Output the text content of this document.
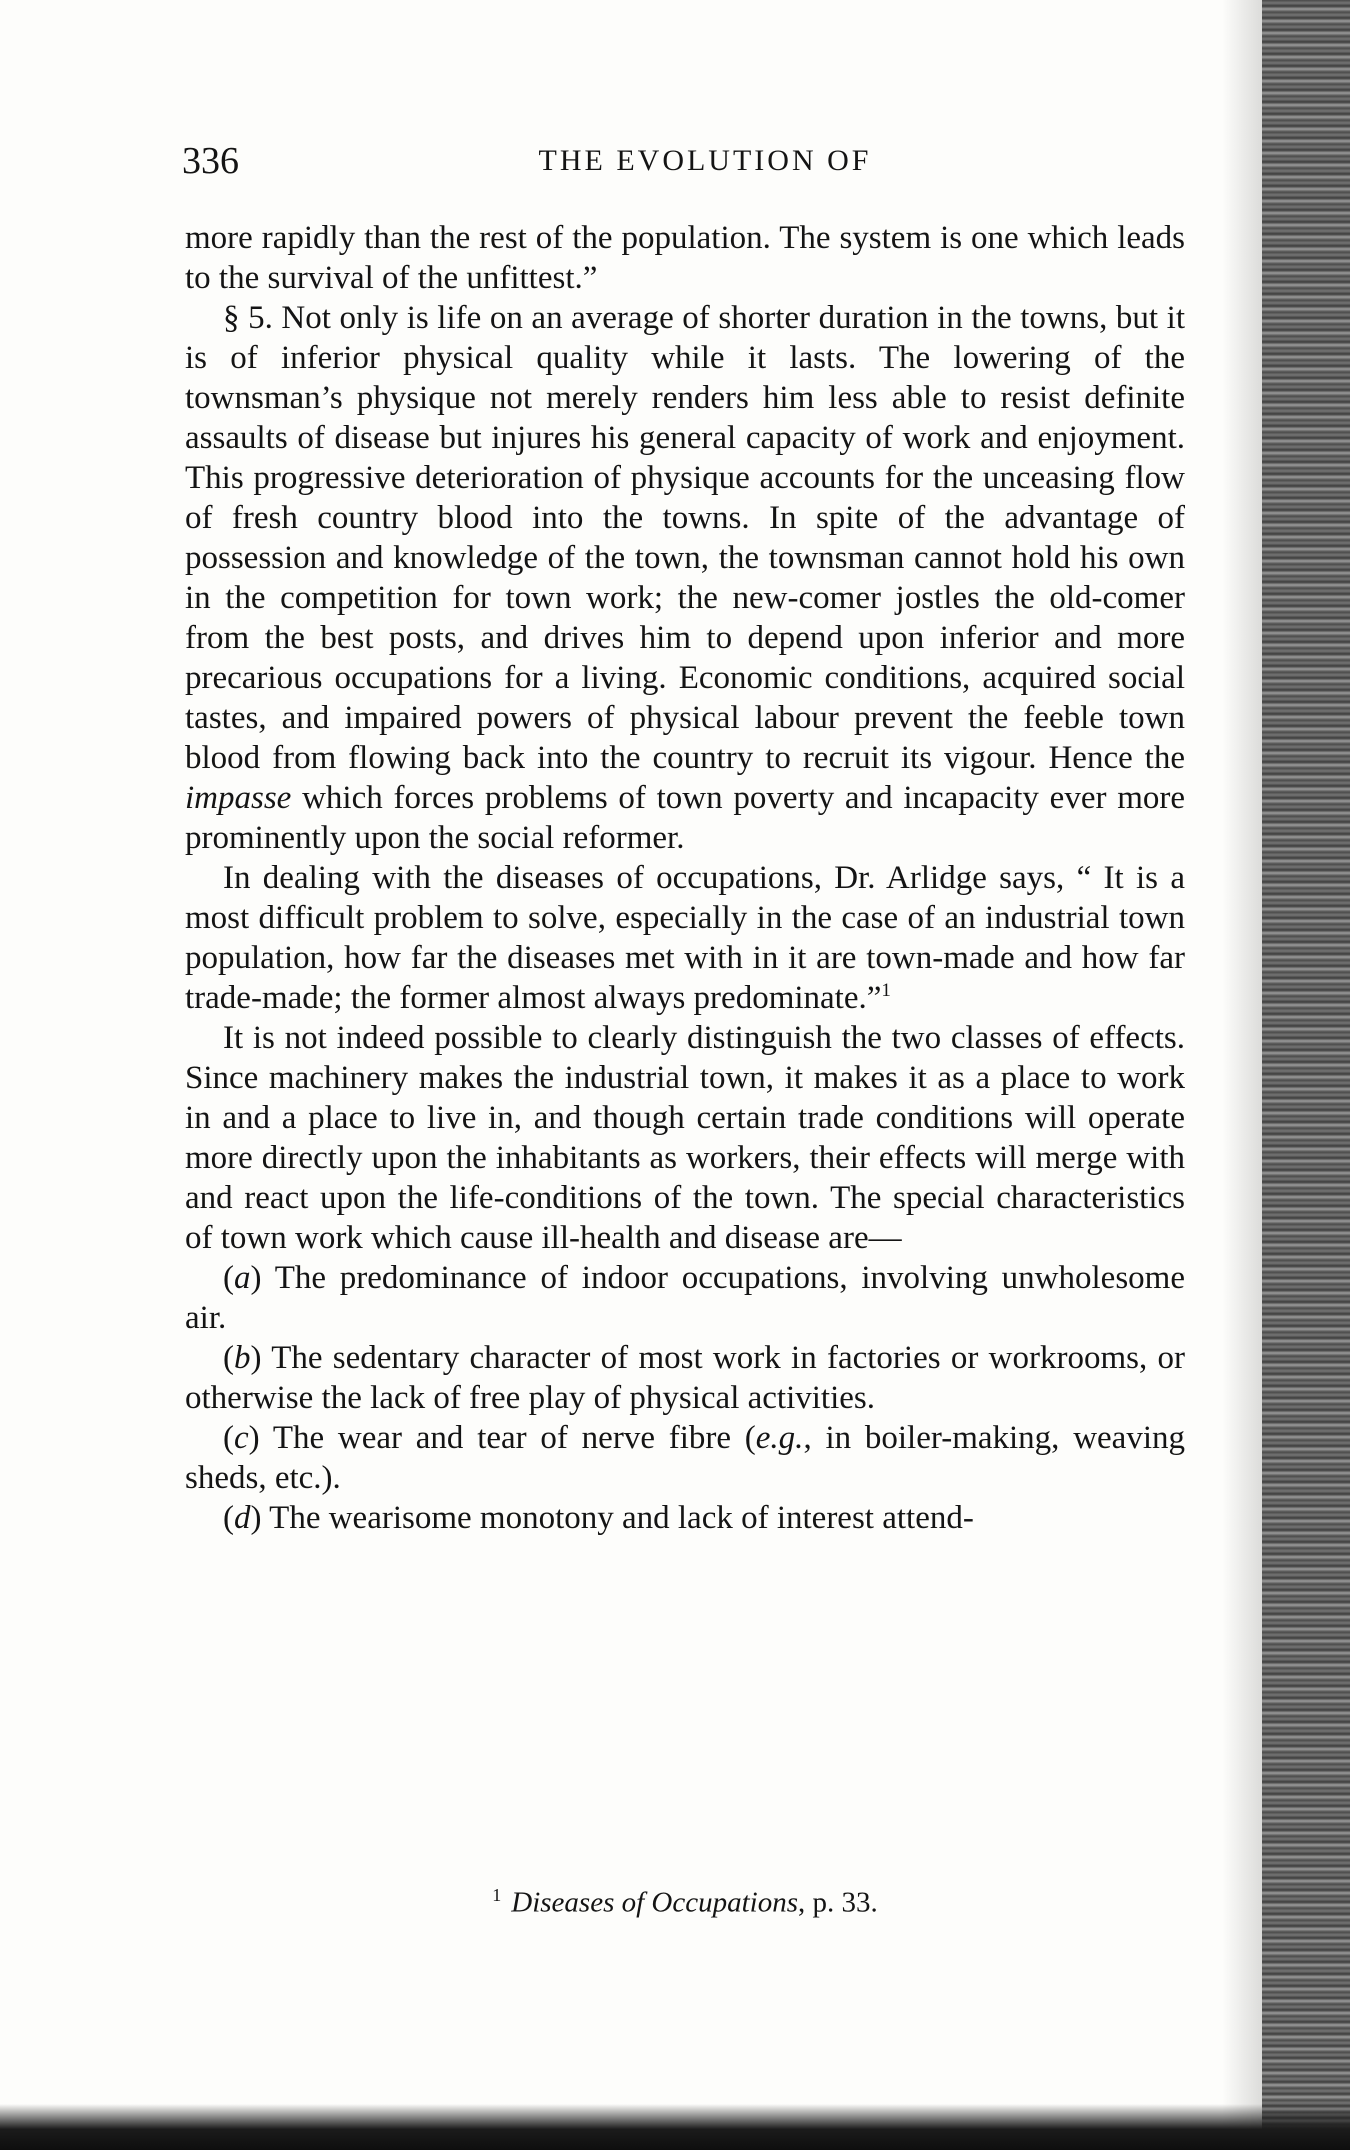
336	THE EVOLUTION OF

more rapidly than the rest of the population. The system is one which leads to the survival of the unfittest.”

§ 5. Not only is life on an average of shorter duration in the towns, but it is of inferior physical quality while it lasts. The lowering of the townsman’s physique not merely renders him less able to resist definite assaults of disease but injures his general capacity of work and enjoyment. This progressive deterioration of physique accounts for the unceasing flow of fresh country blood into the towns. In spite of the advantage of possession and knowledge of the town, the townsman cannot hold his own in the competition for town work; the new-comer jostles the old-comer from the best posts, and drives him to depend upon inferior and more precarious occupations for a living. Economic conditions, acquired social tastes, and impaired powers of physical labour prevent the feeble town blood from flowing back into the country to recruit its vigour. Hence the impasse which forces problems of town poverty and incapacity ever more prominently upon the social reformer.

In dealing with the diseases of occupations, Dr. Arlidge says, “ It is a most difficult problem to solve, especially in the case of an industrial town population, how far the diseases met with in it are town-made and how far trade-made; the former almost always predominate.”$^1$

It is not indeed possible to clearly distinguish the two classes of effects. Since machinery makes the industrial town, it makes it as a place to work in and a place to live in, and though certain trade conditions will operate more directly upon the inhabitants as workers, their effects will merge with and react upon the life-conditions of the town. The special characteristics of town work which cause ill-health and disease are—

(a) The predominance of indoor occupations, involving unwholesome air.

(b) The sedentary character of most work in factories or workrooms, or otherwise the lack of free play of physical activities.

(c) The wear and tear of nerve fibre (e.g., in boiler-making, weaving sheds, etc.).

(d) The wearisome monotony and lack of interest attend-

$^1$ Diseases of Occupations, p. 33.
